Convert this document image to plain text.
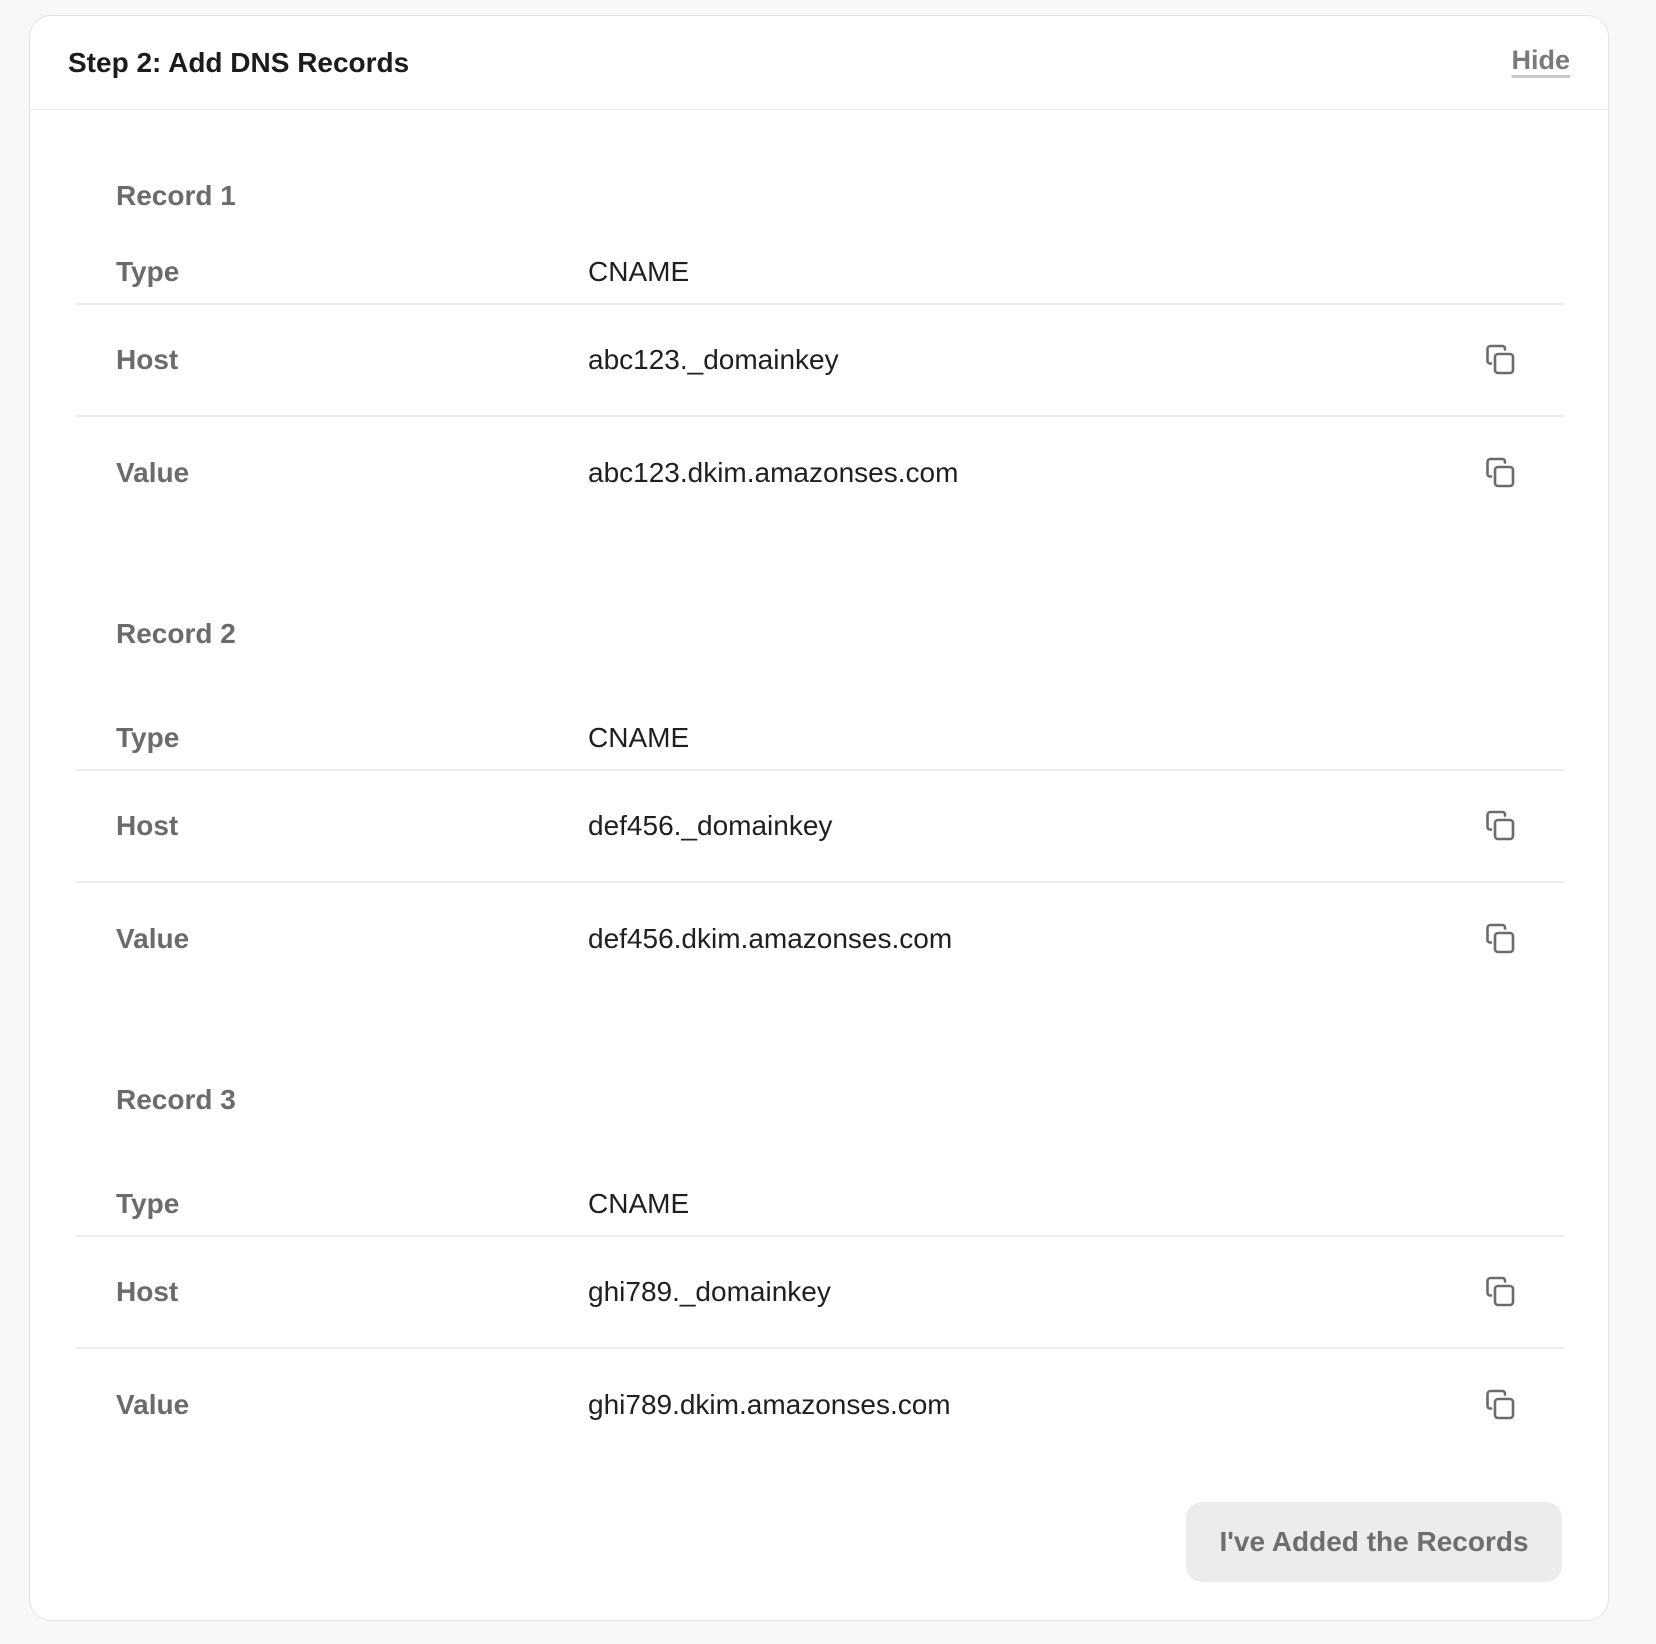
Step 2: Add DNS Records	Hide
Record 1
Type	CNAME
Host	abc123._domainkey
Value	abc123.dkim.amazonses.com
Record 2
Type	CNAME
Host	def456._domainkey
Value	def456.dkim.amazonses.com
Record 3
Type	CNAME
Host	ghi789._domainkey
Value	ghi789.dkim.amazonses.com
I've Added the Records
